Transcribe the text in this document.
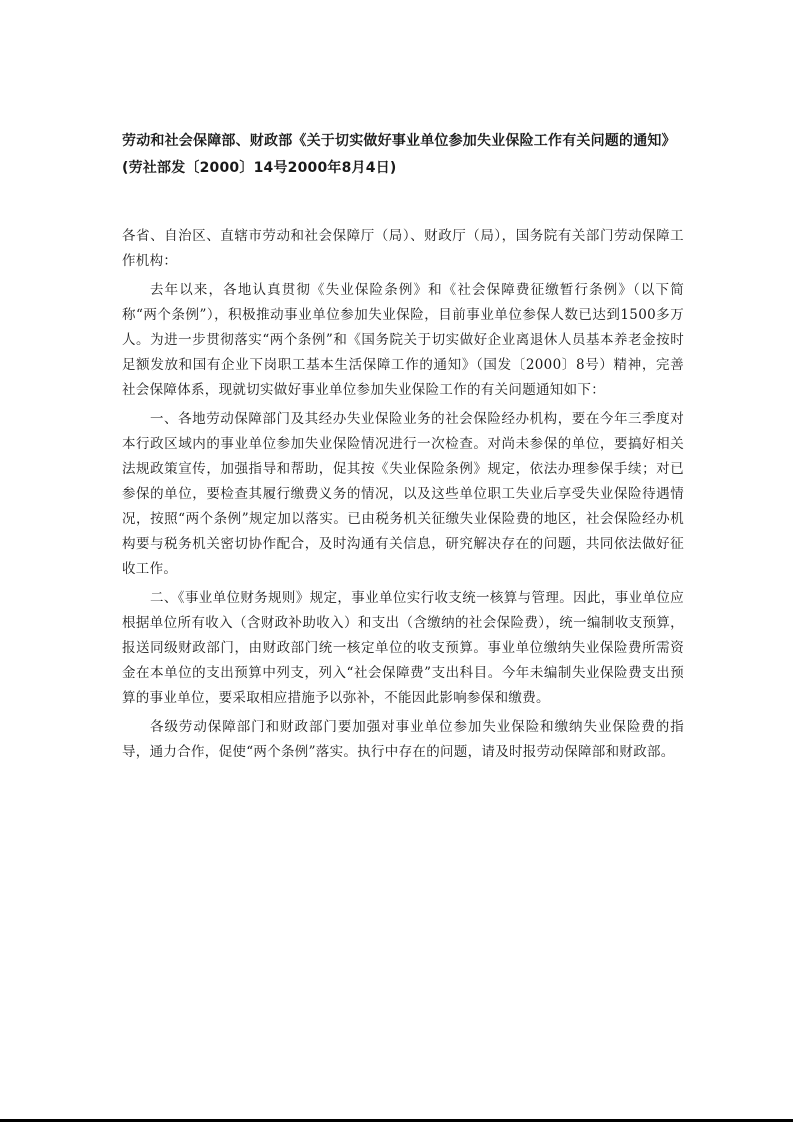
劳动和社会保障部、财政部《关于切实做好事业单位参加失业保险工作有关问题的通知》(劳社部发〔2000〕14号2000年8月4日)

各省、自治区、直辖市劳动和社会保障厅（局）、财政厅（局），国务院有关部门劳动保障工作机构：

去年以来，各地认真贯彻《失业保险条例》和《社会保障费征缴暂行条例》（以下简称“两个条例”），积极推动事业单位参加失业保险，目前事业单位参保人数已达到1500多万人。为进一步贯彻落实“两个条例”和《国务院关于切实做好企业离退休人员基本养老金按时足额发放和国有企业下岗职工基本生活保障工作的通知》（国发〔2000〕8号）精神，完善社会保障体系，现就切实做好事业单位参加失业保险工作的有关问题通知如下：

一、各地劳动保障部门及其经办失业保险业务的社会保险经办机构，要在今年三季度对本行政区域内的事业单位参加失业保险情况进行一次检查。对尚未参保的单位，要搞好相关法规政策宣传，加强指导和帮助，促其按《失业保险条例》规定，依法办理参保手续；对已参保的单位，要检查其履行缴费义务的情况，以及这些单位职工失业后享受失业保险待遇情况，按照“两个条例”规定加以落实。已由税务机关征缴失业保险费的地区，社会保险经办机构要与税务机关密切协作配合，及时沟通有关信息，研究解决存在的问题，共同依法做好征收工作。

二、《事业单位财务规则》规定，事业单位实行收支统一核算与管理。因此，事业单位应根据单位所有收入（含财政补助收入）和支出（含缴纳的社会保险费），统一编制收支预算，报送同级财政部门，由财政部门统一核定单位的收支预算。事业单位缴纳失业保险费所需资金在本单位的支出预算中列支，列入“社会保障费”支出科目。今年未编制失业保险费支出预算的事业单位，要采取相应措施予以弥补，不能因此影响参保和缴费。

各级劳动保障部门和财政部门要加强对事业单位参加失业保险和缴纳失业保险费的指导，通力合作，促使“两个条例”落实。执行中存在的问题，请及时报劳动保障部和财政部。
